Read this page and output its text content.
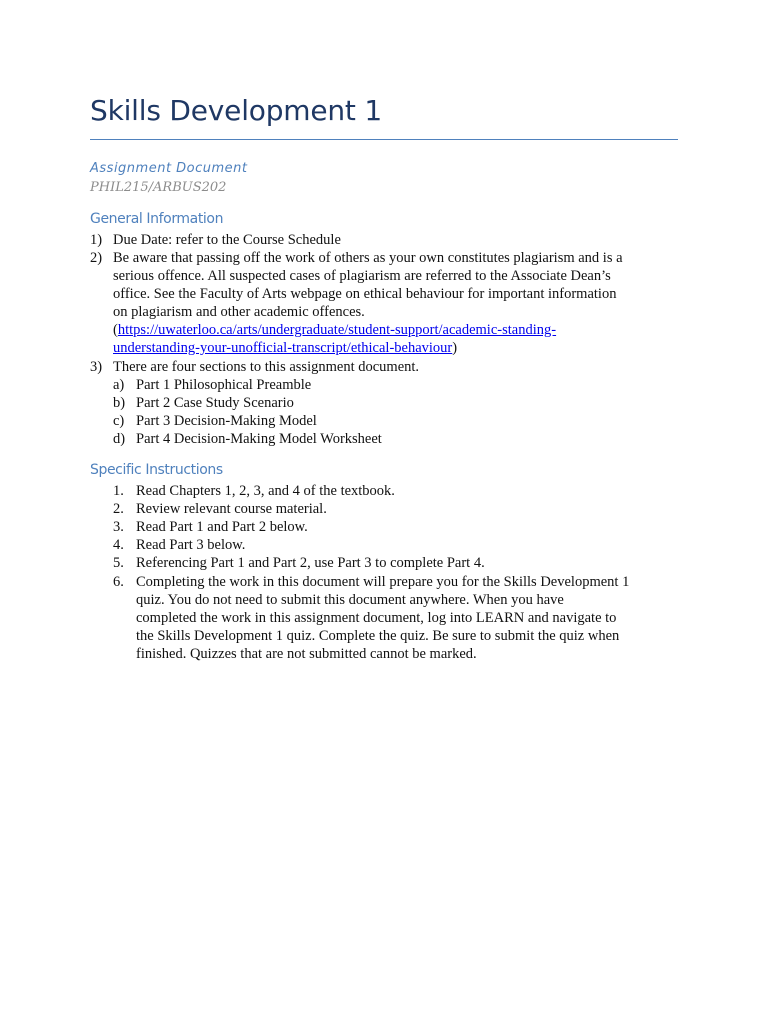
Skills Development 1
Assignment Document
PHIL215/ARBUS202
General Information
1) Due Date: refer to the Course Schedule
2) Be aware that passing off the work of others as your own constitutes plagiarism and is a
serious offence. All suspected cases of plagiarism are referred to the Associate Dean’s
office. See the Faculty of Arts webpage on ethical behaviour for important information
on plagiarism and other academic offences.
(https://uwaterloo.ca/arts/undergraduate/student-support/academic-standing-
understanding-your-unofficial-transcript/ethical-behaviour)
3) There are four sections to this assignment document.
a) Part 1 Philosophical Preamble
b) Part 2 Case Study Scenario
c) Part 3 Decision-Making Model
d) Part 4 Decision-Making Model Worksheet
Specific Instructions
1. Read Chapters 1, 2, 3, and 4 of the textbook.
2. Review relevant course material.
3. Read Part 1 and Part 2 below.
4. Read Part 3 below.
5. Referencing Part 1 and Part 2, use Part 3 to complete Part 4.
6. Completing the work in this document will prepare you for the Skills Development 1
quiz. You do not need to submit this document anywhere. When you have
completed the work in this assignment document, log into LEARN and navigate to
the Skills Development 1 quiz. Complete the quiz. Be sure to submit the quiz when
finished. Quizzes that are not submitted cannot be marked.
